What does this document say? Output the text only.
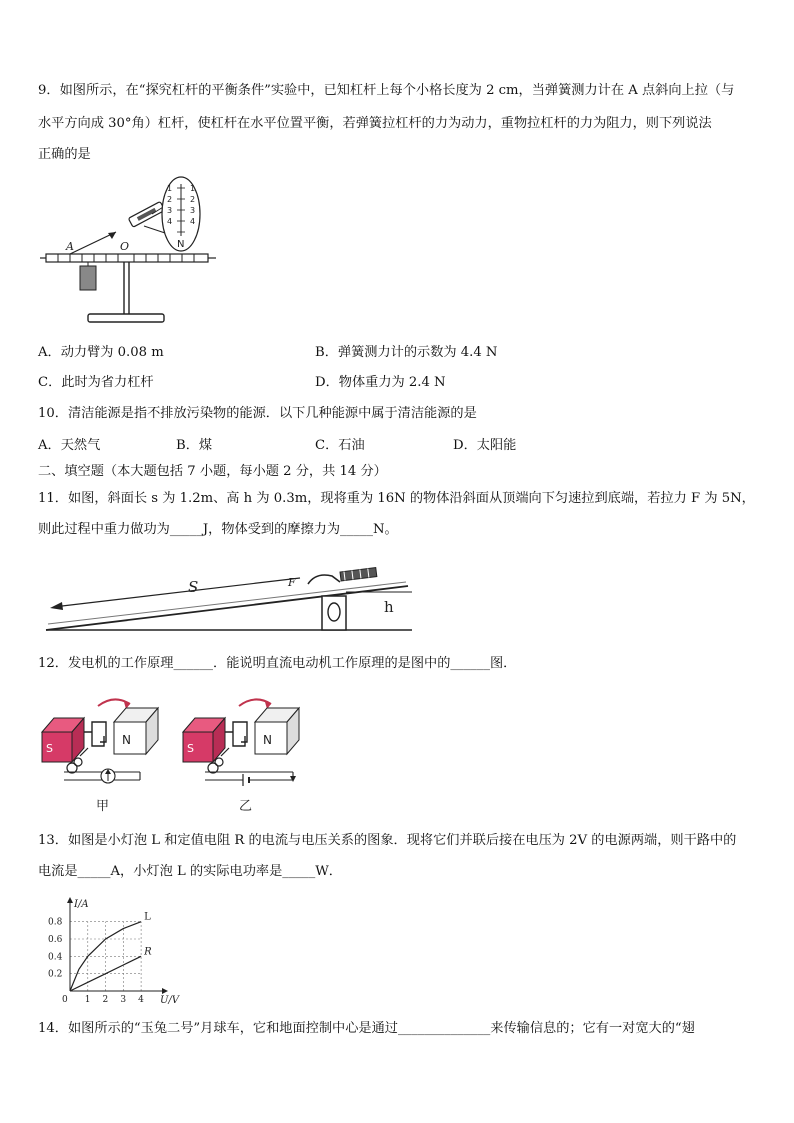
9．如图所示，在“探究杠杆的平衡条件”实验中，已知杠杆上每个小格长度为 2 cm，当弹簧测力计在 A 点斜向上拉（与
水平方向成 30°角）杠杆，使杠杆在水平位置平衡，若弹簧拉杠杆的力为动力，重物拉杠杆的力为阻力，则下列说法
正确的是
1
2
3
4
1
2
3
4
N
A	O
A．动力臂为 0.08 m	B．弹簧测力计的示数为 4.4 N
C．此时为省力杠杆	D．物体重力为 2.4 N
10．清洁能源是指不排放污染物的能源．以下几种能源中属于清洁能源的是
A．天然气	B．煤	C．石油	D．太阳能
二、填空题（本大题包括 7 小题，每小题 2 分，共 14 分）
11．如图，斜面长 s 为 1.2m、高 h 为 0.3m，现将重为 16N 的物体沿斜面从顶端向下匀速拉到底端，若拉力 F 为 5N，
则此过程中重力做功为_____J，物体受到的摩擦力为_____N。
S	F
h
12．发电机的工作原理______．能说明直流电动机工作原理的是图中的______图．
S
N
甲
S
N
乙
13．如图是小灯泡 L 和定值电阻 R 的电流与电压关系的图象．现将它们并联后接在电压为 2V 的电源两端，则干路中的
电流是_____A，小灯泡 L 的实际电功率是_____W．
0 1 2 3 4
0.2
0.4
0.6
0.8
I/A
U/V
L
R
14．如图所示的“玉兔二号”月球车，它和地面控制中心是通过______________来传输信息的；它有一对宽大的“翅
